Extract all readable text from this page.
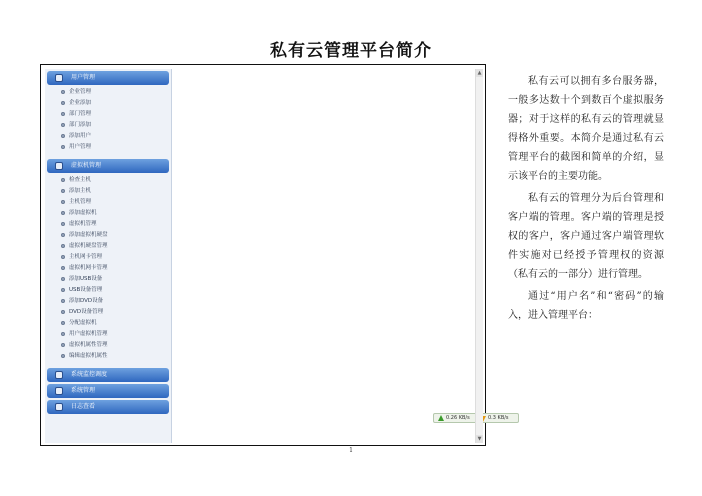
私有云管理平台简介
用户管理
企业管理
企业添加
部门管理
部门添加
添加用户
用户管理
虚拟机管理
检查主机
添加主机
主机管理
添加虚拟机
虚拟机管理
添加虚拟机硬盘
虚拟机硬盘管理
主机网卡管理
虚拟机网卡管理
添加USB设备
USB设备管理
添加DVD设备
DVD设备管理
分配虚拟机
用户虚拟机管理
虚拟机属性管理
编辑虚拟机属性
系统监控调度
系统管理
日志查看
0.26 KB/s	0.3 KB/s
▲
▼

私有云可以拥有多台服务器，一般多达数十个到数百个虚拟服务器；对于这样的私有云的管理就显得格外重要。本简介是通过私有云管理平台的截图和简单的介绍，显示该平台的主要功能。

私有云的管理分为后台管理和客户端的管理。客户端的管理是授权的客户，客户通过客户端管理软件实施对已经授予管理权的资源（私有云的一部分）进行管理。

通过“用户名”和“密码”的输入，进入管理平台：

1
